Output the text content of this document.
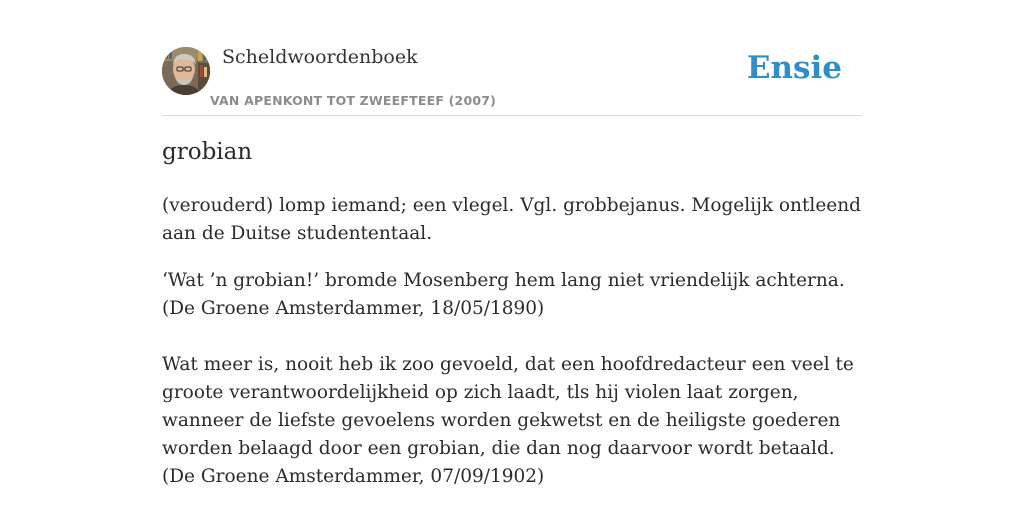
Scheldwoordenboek
VAN APENKONT TOT ZWEEFTEEF (2007)
Ensie
grobian

(verouderd) lomp iemand; een vlegel. Vgl. grobbejanus. Mogelijk ontleend aan de Duitse studententaal.

‘Wat ’n grobian!’ bromde Mosenberg hem lang niet vriendelijk achterna. (De Groene Amsterdammer, 18/05/1890)

Wat meer is, nooit heb ik zoo gevoeld, dat een hoofdredacteur een veel te groote verantwoordelijkheid op zich laadt, tls hij violen laat zorgen, wanneer de liefste gevoelens worden gekwetst en de heiligste goederen worden belaagd door een grobian, die dan nog daarvoor wordt betaald. (De Groene Amsterdammer, 07/09/1902)
